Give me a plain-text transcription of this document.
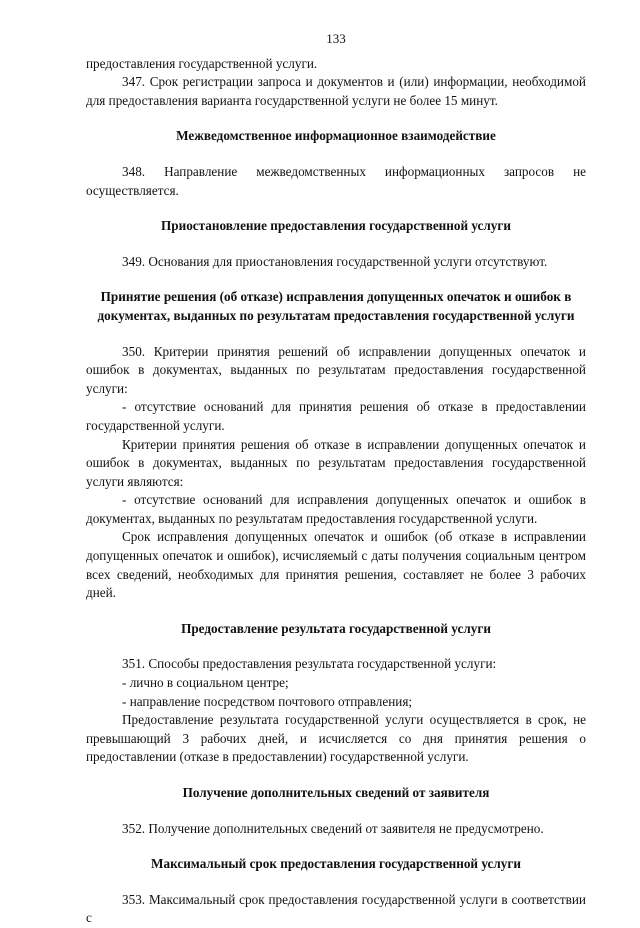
133

предоставления государственной услуги.

347. Срок регистрации запроса и документов и (или) информации, необходимой для предоставления варианта государственной услуги не более 15 минут.

Межведомственное информационное взаимодействие

348. Направление межведомственных информационных запросов не

осуществляется.

Приостановление предоставления государственной услуги

349. Основания для приостановления государственной услуги отсутствуют.

Принятие решения (об отказе) исправления допущенных опечаток и ошибок в документах, выданных по результатам предоставления государственной услуги

350. Критерии принятия решений об исправлении допущенных опечаток и ошибок в документах, выданных по результатам предоставления государственной услуги:

- отсутствие оснований для принятия решения об отказе в предоставлении государственной услуги.

Критерии принятия решения об отказе в исправлении допущенных опечаток и ошибок в документах, выданных по результатам предоставления государственной услуги являются:

- отсутствие оснований для исправления допущенных опечаток и ошибок в документах, выданных по результатам предоставления государственной услуги.

Срок исправления допущенных опечаток и ошибок (об отказе в исправлении допущенных опечаток и ошибок), исчисляемый с даты получения социальным центром всех сведений, необходимых для принятия решения, составляет не более 3 рабочих дней.

Предоставление результата государственной услуги

351. Способы предоставления результата государственной услуги:

- лично в социальном центре;

- направление посредством почтового отправления;

Предоставление результата государственной услуги осуществляется в срок, не превышающий 3 рабочих дней, и исчисляется со дня принятия решения о предоставлении (отказе в предоставлении) государственной услуги.

Получение дополнительных сведений от заявителя

352. Получение дополнительных сведений от заявителя не предусмотрено.

Максимальный срок предоставления государственной услуги

353. Максимальный срок предоставления государственной услуги в соответствии с
